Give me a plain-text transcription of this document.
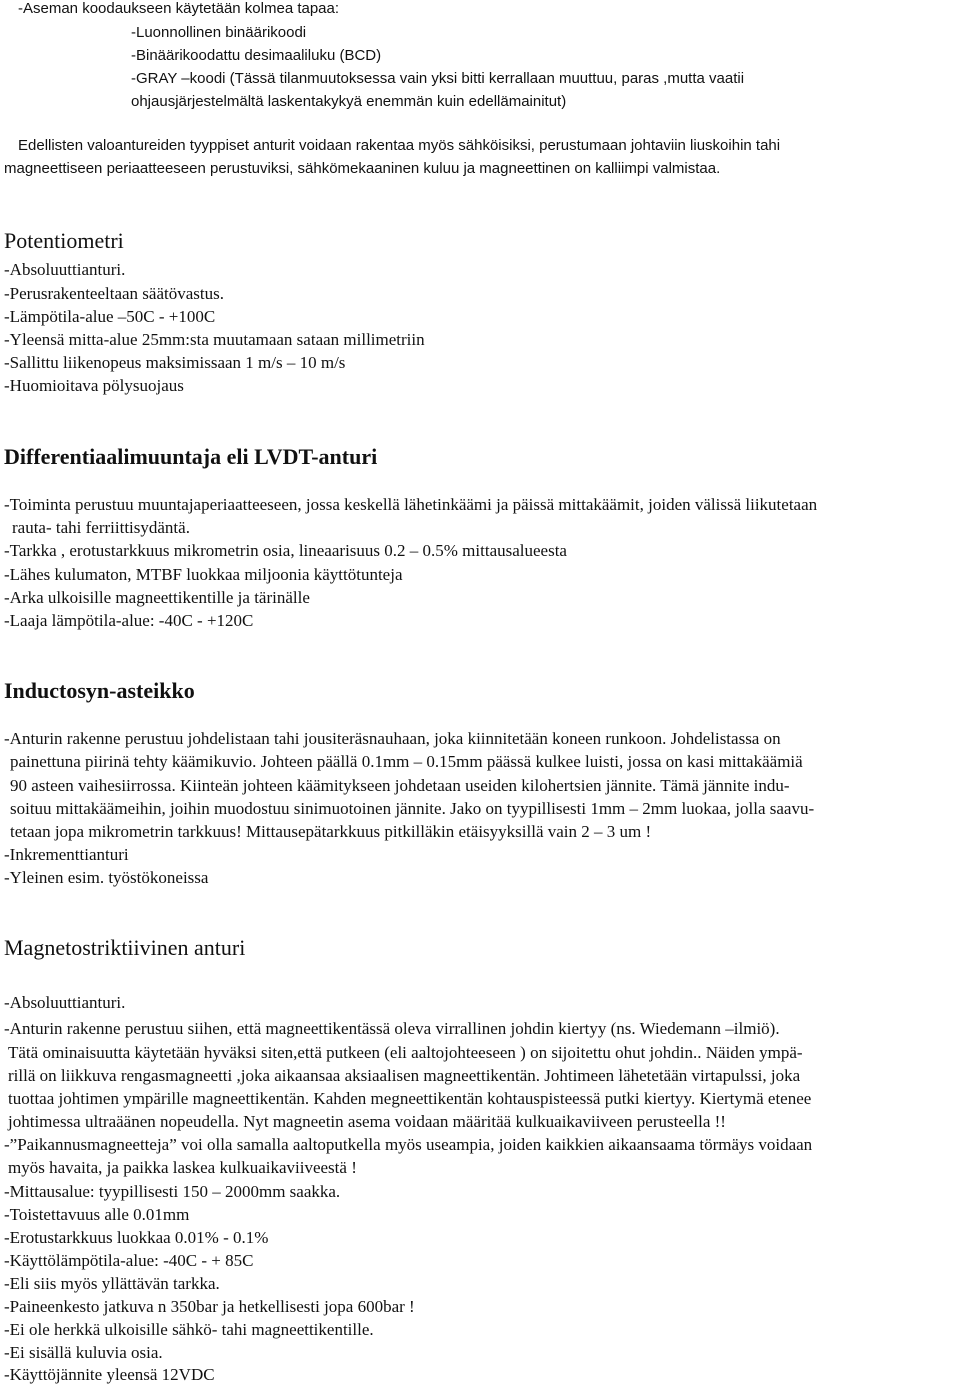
-Aseman koodaukseen käytetään kolmea tapaa:
-Luonnollinen binäärikoodi
-Binäärikoodattu desimaaliluku (BCD)
-GRAY –koodi (Tässä tilanmuutoksessa vain yksi bitti kerrallaan muuttuu, paras ,mutta vaatii
ohjausjärjestelmältä laskentakykyä enemmän kuin edellämainitut)
Edellisten valoantureiden tyyppiset anturit voidaan rakentaa myös sähköisiksi, perustumaan johtaviin liuskoihin tahi
magneettiseen periaatteeseen perustuviksi, sähkömekaaninen kuluu ja magneettinen on kalliimpi valmistaa.
Potentiometri
-Absoluuttianturi.
-Perusrakenteeltaan säätövastus.
-Lämpötila-alue –50C - +100C
-Yleensä mitta-alue 25mm:sta muutamaan sataan millimetriin
-Sallittu liikenopeus maksimissaan 1 m/s – 10 m/s
-Huomioitava pölysuojaus
Differentiaalimuuntaja eli LVDT-anturi
-Toiminta perustuu muuntajaperiaatteeseen, jossa keskellä lähetinkäämi ja päissä mittakäämit, joiden välissä liikutetaan
rauta- tahi ferriittisydäntä.
-Tarkka , erotustarkkuus mikrometrin osia, lineaarisuus 0.2 – 0.5% mittausalueesta
-Lähes kulumaton, MTBF luokkaa miljoonia käyttötunteja
-Arka ulkoisille magneettikentille ja tärinälle
-Laaja lämpötila-alue: -40C - +120C
Inductosyn-asteikko
-Anturin rakenne perustuu johdelistaan tahi jousiteräsnauhaan, joka kiinnitetään koneen runkoon. Johdelistassa on
painettuna piirinä tehty käämikuvio. Johteen päällä 0.1mm – 0.15mm päässä kulkee luisti, jossa on kasi mittakäämiä
90 asteen vaihesiirrossa. Kiinteän johteen käämitykseen johdetaan useiden kilohertsien jännite. Tämä jännite indu-
soituu mittakäämeihin, joihin muodostuu sinimuotoinen jännite. Jako on tyypillisesti 1mm – 2mm luokaa, jolla saavu-
tetaan jopa mikrometrin tarkkuus! Mittausepätarkkuus pitkilläkin etäisyyksillä vain 2 – 3 um !
-Inkrementtianturi
-Yleinen esim. työstökoneissa
Magnetostriktiivinen anturi
-Absoluuttianturi.
-Anturin rakenne perustuu siihen, että magneettikentässä oleva virrallinen johdin kiertyy (ns. Wiedemann –ilmiö).
Tätä ominaisuutta käytetään hyväksi siten,että putkeen (eli aaltojohteeseen ) on sijoitettu ohut johdin.. Näiden ympä-
rillä on liikkuva rengasmagneetti ,joka aikaansaa aksiaalisen magneettikentän. Johtimeen lähetetään virtapulssi, joka
tuottaa johtimen ympärille magneettikentän. Kahden megneettikentän kohtauspisteessä putki kiertyy. Kiertymä etenee
johtimessa ultraäänen nopeudella. Nyt magneetin asema voidaan määritää kulkuaikaviiveen perusteella !!
-”Paikannusmagneetteja” voi olla samalla aaltoputkella myös useampia, joiden kaikkien aikaansaama törmäys voidaan
myös havaita, ja paikka laskea kulkuaikaviiveestä !
-Mittausalue: tyypillisesti 150 – 2000mm saakka.
-Toistettavuus alle 0.01mm
-Erotustarkkuus luokkaa 0.01% - 0.1%
-Käyttölämpötila-alue: -40C - + 85C
-Eli siis myös yllättävän tarkka.
-Paineenkesto jatkuva n 350bar ja hetkellisesti jopa 600bar !
-Ei ole herkkä ulkoisille sähkö- tahi magneettikentille.
-Ei sisällä kuluvia osia.
-Käyttöjännite yleensä 12VDC
